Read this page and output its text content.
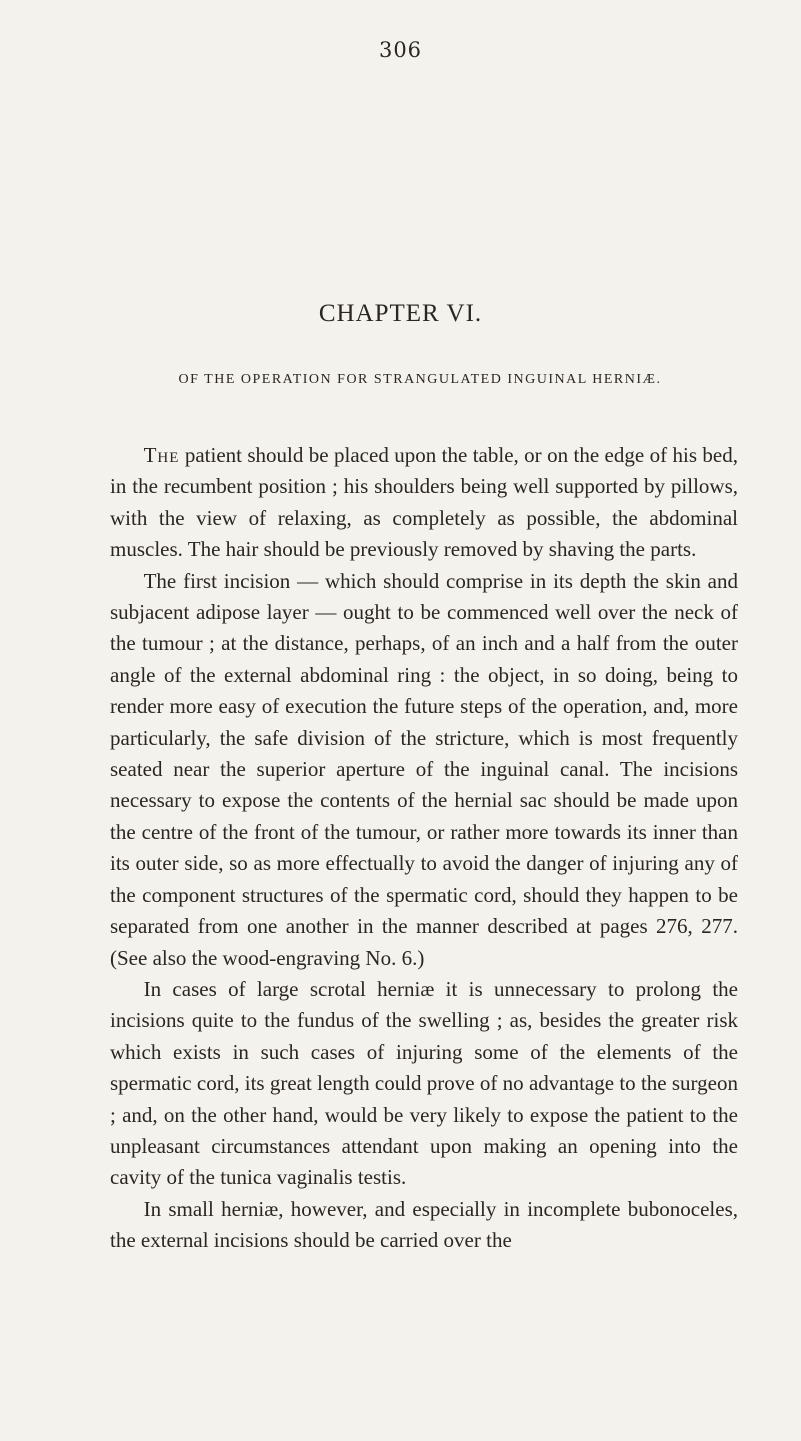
306
CHAPTER VI.
OF THE OPERATION FOR STRANGULATED INGUINAL HERNIÆ.

The patient should be placed upon the table, or on the edge of his bed, in the recumbent position ; his shoulders being well supported by pillows, with the view of relaxing, as completely as possible, the abdominal muscles. The hair should be previously removed by shaving the parts.

The first incision — which should comprise in its depth the skin and subjacent adipose layer — ought to be commenced well over the neck of the tumour ; at the distance, perhaps, of an inch and a half from the outer angle of the external abdominal ring : the object, in so doing, being to render more easy of execution the future steps of the operation, and, more particularly, the safe division of the stricture, which is most frequently seated near the superior aperture of the inguinal canal. The incisions necessary to expose the contents of the hernial sac should be made upon the centre of the front of the tumour, or rather more towards its inner than its outer side, so as more effectually to avoid the danger of injuring any of the component structures of the spermatic cord, should they happen to be separated from one another in the manner described at pages 276, 277. (See also the wood-engraving No. 6.)

In cases of large scrotal herniæ it is unnecessary to prolong the incisions quite to the fundus of the swelling ; as, besides the greater risk which exists in such cases of injuring some of the elements of the spermatic cord, its great length could prove of no advantage to the surgeon ; and, on the other hand, would be very likely to expose the patient to the unpleasant circumstances attendant upon making an opening into the cavity of the tunica vaginalis testis.

In small herniæ, however, and especially in incomplete bubonoceles, the external incisions should be carried over the
